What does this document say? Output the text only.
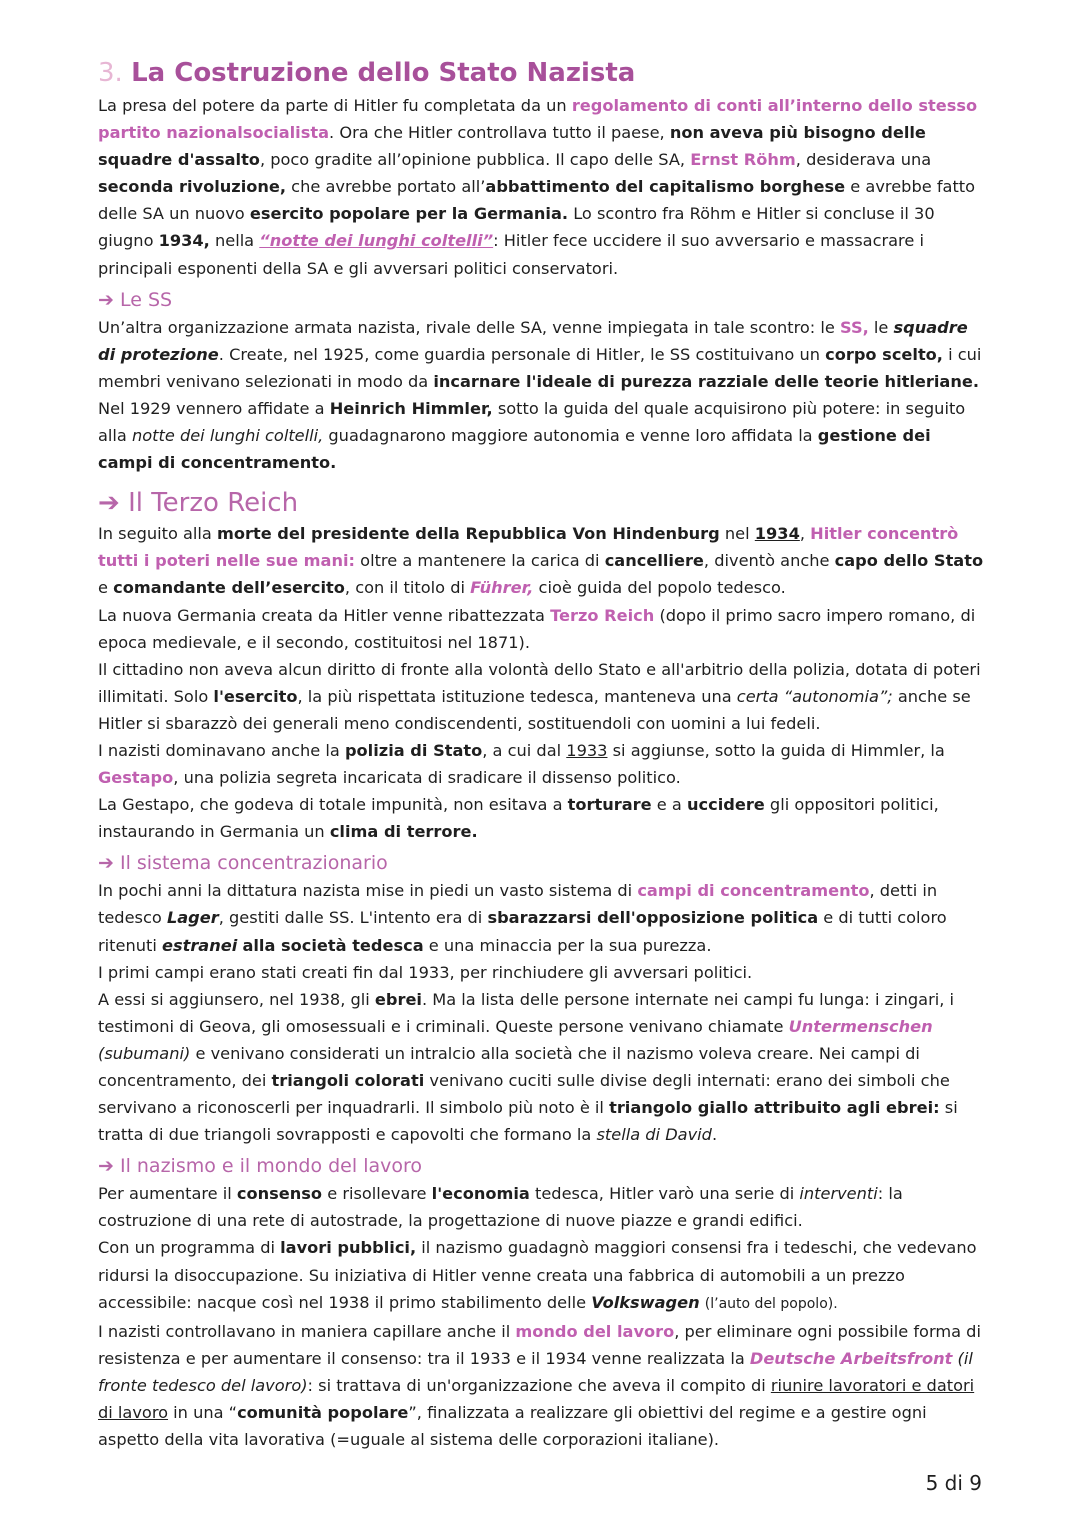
3. La Costruzione dello Stato Nazista

La presa del potere da parte di Hitler fu completata da un regolamento di conti all’interno dello stesso partito nazionalsocialista. Ora che Hitler controllava tutto il paese, non aveva più bisogno delle squadre d'assalto, poco gradite all’opinione pubblica. Il capo delle SA, Ernst Röhm, desiderava una seconda rivoluzione, che avrebbe portato all’abbattimento del capitalismo borghese e avrebbe fatto delle SA un nuovo esercito popolare per la Germania. Lo scontro fra Röhm e Hitler si concluse il 30 giugno 1934, nella “notte dei lunghi coltelli”: Hitler fece uccidere il suo avversario e massacrare i principali esponenti della SA e gli avversari politici conservatori.

➔ Le SS

Un’altra organizzazione armata nazista, rivale delle SA, venne impiegata in tale scontro: le SS, le squadre di protezione. Create, nel 1925, come guardia personale di Hitler, le SS costituivano un corpo scelto, i cui membri venivano selezionati in modo da incarnare l'ideale di purezza razziale delle teorie hitleriane. Nel 1929 vennero affidate a Heinrich Himmler, sotto la guida del quale acquisirono più potere: in seguito alla notte dei lunghi coltelli, guadagnarono maggiore autonomia e venne loro affidata la gestione dei campi di concentramento.

➔ Il Terzo Reich

In seguito alla morte del presidente della Repubblica Von Hindenburg nel 1934, Hitler concentrò tutti i poteri nelle sue mani: oltre a mantenere la carica di cancelliere, diventò anche capo dello Stato e comandante dell’esercito, con il titolo di Führer, cioè guida del popolo tedesco.

La nuova Germania creata da Hitler venne ribattezzata Terzo Reich (dopo il primo sacro impero romano, di epoca medievale, e il secondo, costituitosi nel 1871).

Il cittadino non aveva alcun diritto di fronte alla volontà dello Stato e all'arbitrio della polizia, dotata di poteri illimitati. Solo l'esercito, la più rispettata istituzione tedesca, manteneva una certa “autonomia”; anche se Hitler si sbarazzò dei generali meno condiscendenti, sostituendoli con uomini a lui fedeli.

I nazisti dominavano anche la polizia di Stato, a cui dal 1933 si aggiunse, sotto la guida di Himmler, la Gestapo, una polizia segreta incaricata di sradicare il dissenso politico.

La Gestapo, che godeva di totale impunità, non esitava a torturare e a uccidere gli oppositori politici, instaurando in Germania un clima di terrore.

➔ Il sistema concentrazionario

In pochi anni la dittatura nazista mise in piedi un vasto sistema di campi di concentramento, detti in tedesco Lager, gestiti dalle SS. L'intento era di sbarazzarsi dell'opposizione politica e di tutti coloro ritenuti estranei alla società tedesca e una minaccia per la sua purezza.

I primi campi erano stati creati fin dal 1933, per rinchiudere gli avversari politici.

A essi si aggiunsero, nel 1938, gli ebrei. Ma la lista delle persone internate nei campi fu lunga: i zingari, i testimoni di Geova, gli omosessuali e i criminali. Queste persone venivano chiamate Untermenschen (subumani) e venivano considerati un intralcio alla società che il nazismo voleva creare. Nei campi di concentramento, dei triangoli colorati venivano cuciti sulle divise degli internati: erano dei simboli che servivano a riconoscerli per inquadrarli. Il simbolo più noto è il triangolo giallo attribuito agli ebrei: si tratta di due triangoli sovrapposti e capovolti che formano la stella di David.

➔ Il nazismo e il mondo del lavoro

Per aumentare il consenso e risollevare l'economia tedesca, Hitler varò una serie di interventi: la costruzione di una rete di autostrade, la progettazione di nuove piazze e grandi edifici.

Con un programma di lavori pubblici, il nazismo guadagnò maggiori consensi fra i tedeschi, che vedevano ridursi la disoccupazione. Su iniziativa di Hitler venne creata una fabbrica di automobili a un prezzo accessibile: nacque così nel 1938 il primo stabilimento delle Volkswagen (l’auto del popolo).

I nazisti controllavano in maniera capillare anche il mondo del lavoro, per eliminare ogni possibile forma di resistenza e per aumentare il consenso: tra il 1933 e il 1934 venne realizzata la Deutsche Arbeitsfront (il fronte tedesco del lavoro): si trattava di un'organizzazione che aveva il compito di riunire lavoratori e datori di lavoro in una “comunità popolare”, finalizzata a realizzare gli obiettivi del regime e a gestire ogni aspetto della vita lavorativa (=uguale al sistema delle corporazioni italiane).

5 di 9
